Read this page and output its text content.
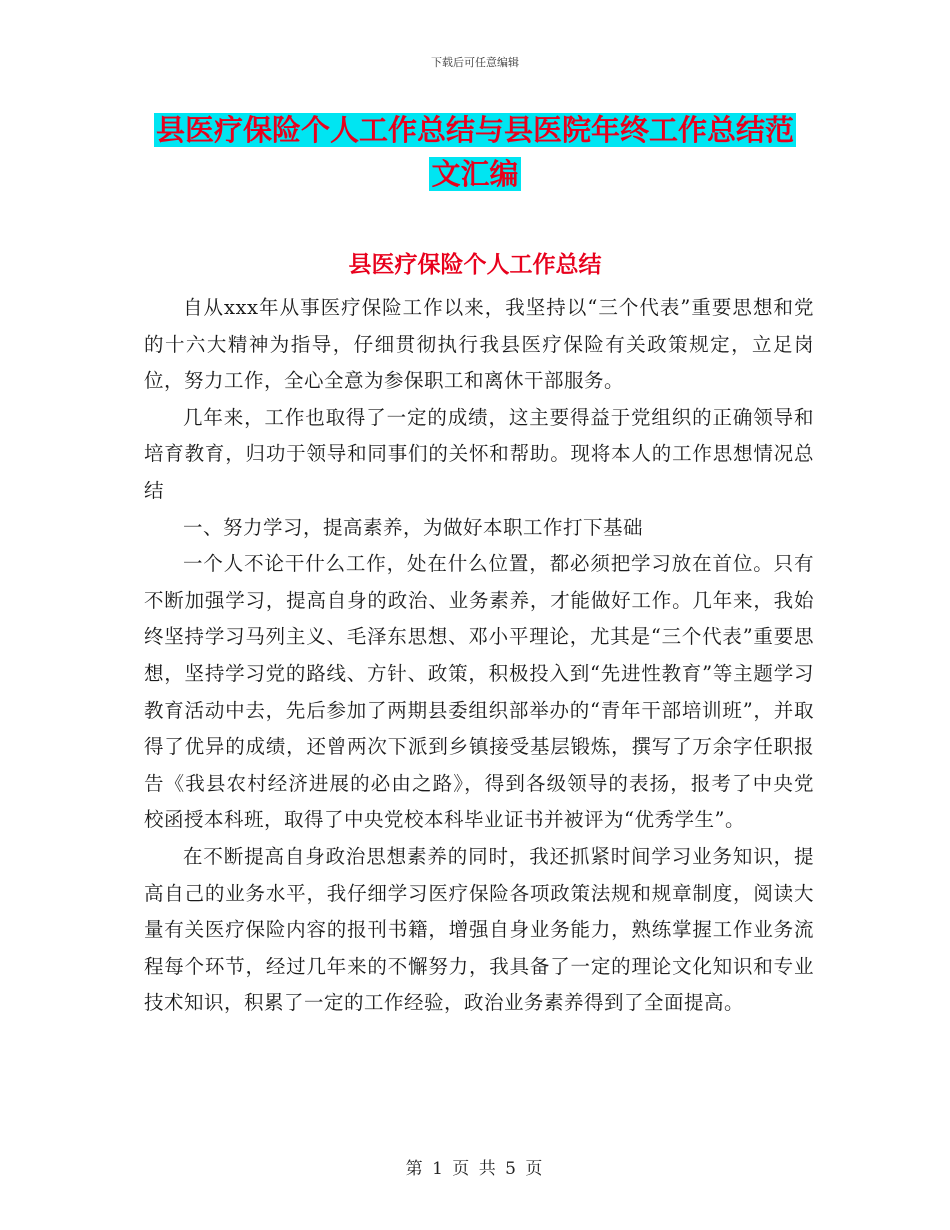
下载后可任意编辑
县医疗保险个人工作总结与县医院年终工作总结范文汇编
县医疗保险个人工作总结

自从xxx年从事医疗保险工作以来，我坚持以“三个代表”重要思想和党的十六大精神为指导，仔细贯彻执行我县医疗保险有关政策规定，立足岗位，努力工作，全心全意为参保职工和离休干部服务。

几年来，工作也取得了一定的成绩，这主要得益于党组织的正确领导和培育教育，归功于领导和同事们的关怀和帮助。现将本人的工作思想情况总结

一、努力学习，提高素养，为做好本职工作打下基础

一个人不论干什么工作，处在什么位置，都必须把学习放在首位。只有不断加强学习，提高自身的政治、业务素养，才能做好工作。几年来，我始终坚持学习马列主义、毛泽东思想、邓小平理论，尤其是“三个代表”重要思想，坚持学习党的路线、方针、政策，积极投入到“先进性教育”等主题学习教育活动中去，先后参加了两期县委组织部举办的“青年干部培训班”，并取得了优异的成绩，还曾两次下派到乡镇接受基层锻炼，撰写了万余字任职报告《我县农村经济进展的必由之路》，得到各级领导的表扬，报考了中央党校函授本科班，取得了中央党校本科毕业证书并被评为“优秀学生”。

在不断提高自身政治思想素养的同时，我还抓紧时间学习业务知识，提高自己的业务水平，我仔细学习医疗保险各项政策法规和规章制度，阅读大量有关医疗保险内容的报刊书籍，增强自身业务能力，熟练掌握工作业务流程每个环节，经过几年来的不懈努力，我具备了一定的理论文化知识和专业技术知识，积累了一定的工作经验，政治业务素养得到了全面提高。

第 1 页 共 5 页
